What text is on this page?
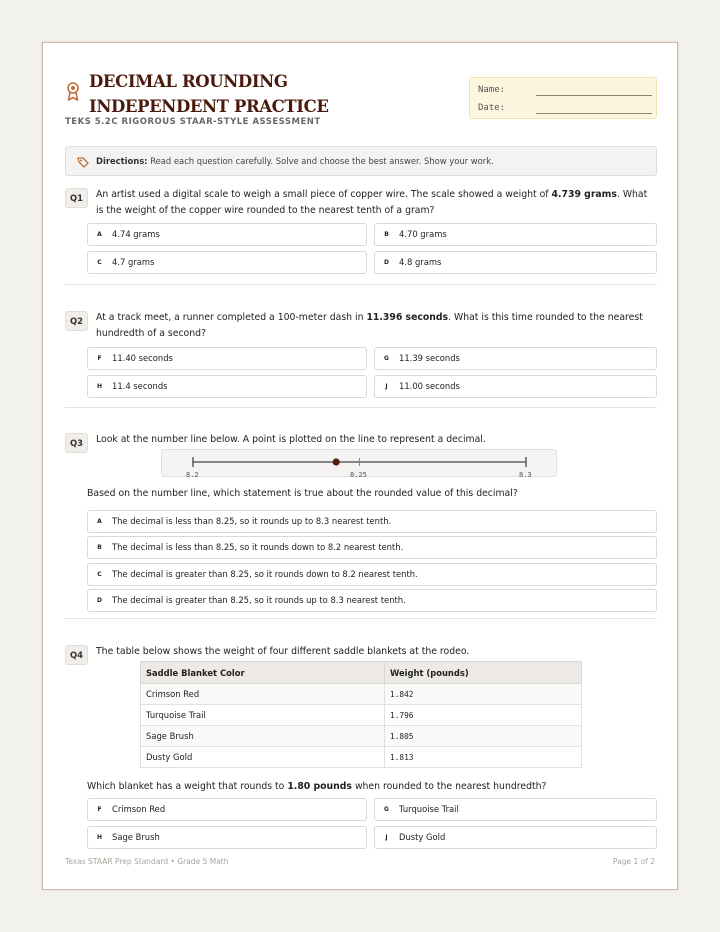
DECIMAL ROUNDING INDEPENDENT PRACTICE
TEKS 5.2C RIGOROUS STAAR-STYLE ASSESSMENT
Name:
Date:
Directions: Read each question carefully. Solve and choose the best answer. Show your work.
Q1	An artist used a digital scale to weigh a small piece of copper wire. The scale showed a weight of 4.739 grams. What is the weight of the copper wire rounded to the nearest tenth of a gram?
A	4.74 grams	B	4.70 grams
C	4.7 grams	D	4.8 grams
Q2	At a track meet, a runner completed a 100-meter dash in 11.396 seconds. What is this time rounded to the nearest hundredth of a second?
F	11.40 seconds	G	11.39 seconds
H	11.4 seconds	J	11.00 seconds
Q3	Look at the number line below. A point is plotted on the line to represent a decimal.
8.2	8.25	8.3
Based on the number line, which statement is true about the rounded value of this decimal?
A	The decimal is less than 8.25, so it rounds up to 8.3 nearest tenth.
B	The decimal is less than 8.25, so it rounds down to 8.2 nearest tenth.
C	The decimal is greater than 8.25, so it rounds down to 8.2 nearest tenth.
D	The decimal is greater than 8.25, so it rounds up to 8.3 nearest tenth.
Q4	The table below shows the weight of four different saddle blankets at the rodeo.
Saddle Blanket Color	Weight (pounds)
Crimson Red	1.842
Turquoise Trail	1.796
Sage Brush	1.805
Dusty Gold	1.813
Which blanket has a weight that rounds to 1.80 pounds when rounded to the nearest hundredth?
F	Crimson Red	G	Turquoise Trail
H	Sage Brush	J	Dusty Gold
Texas STAAR Prep Standard • Grade 5 Math	Page 1 of 2
